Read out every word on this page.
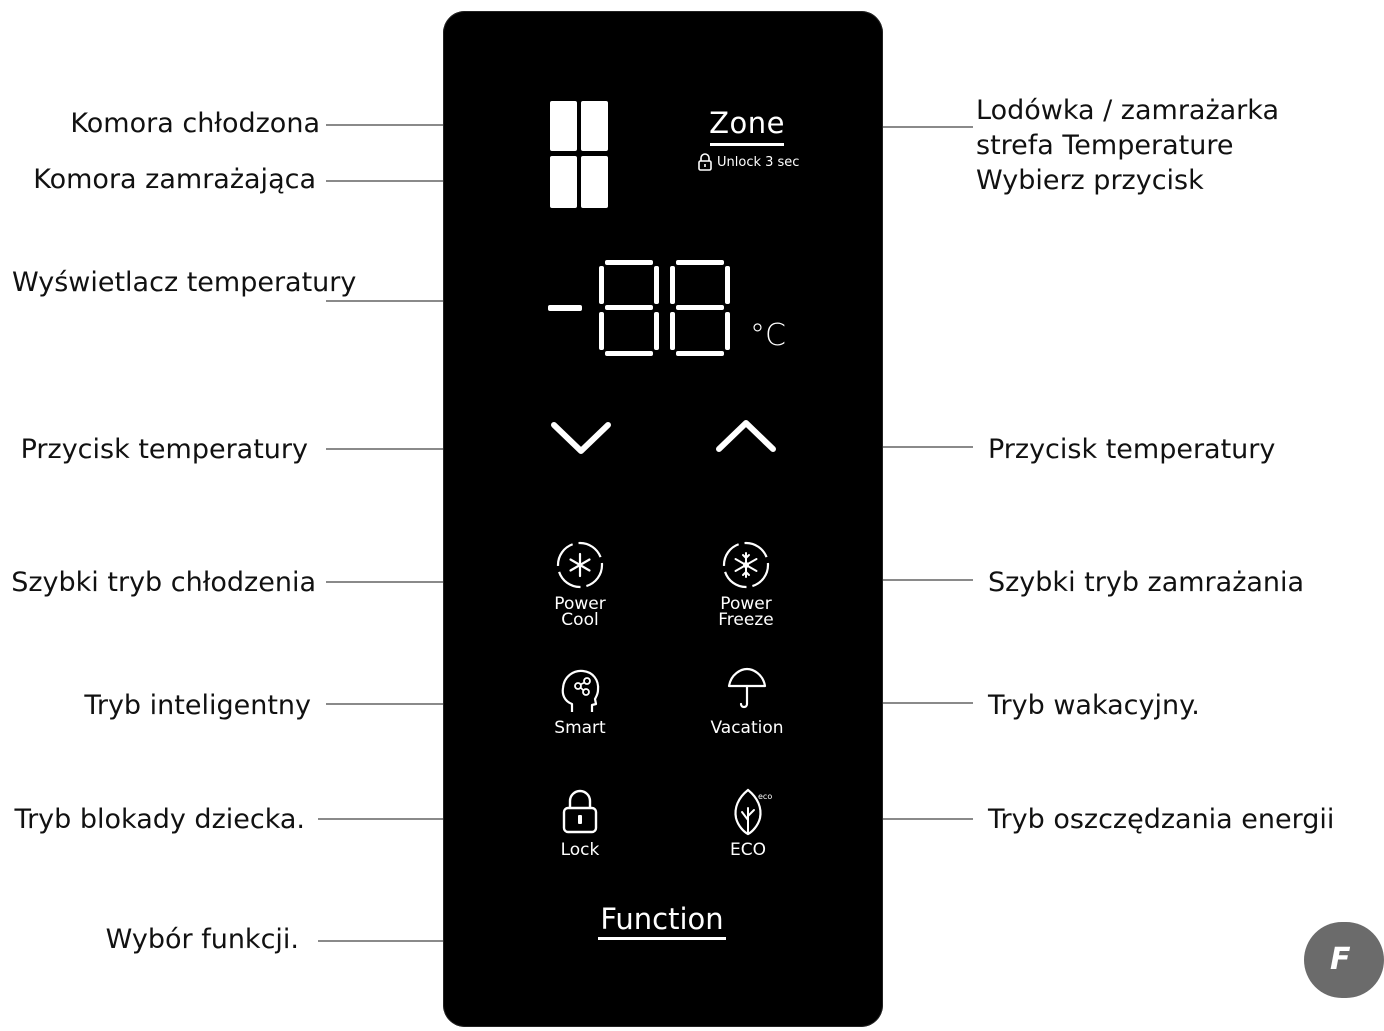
Komora chłodzona
Komora zamrażająca
Wyświetlacz temperatury
Przycisk temperatury
Szybki tryb chłodzenia
Tryb inteligentny
Tryb blokady dziecka.
Wybór funkcji.
Lodówka / zamrażarka strefa Temperature Wybierz przycisk
Przycisk temperatury
Szybki tryb zamrażania
Tryb wakacyjny.
Tryb oszczędzania energii
Zone
Unlock 3 sec
°C
Power
Cool
Power
Freeze
Smart	Vacation
Lock
eco
ECO
Function
F
